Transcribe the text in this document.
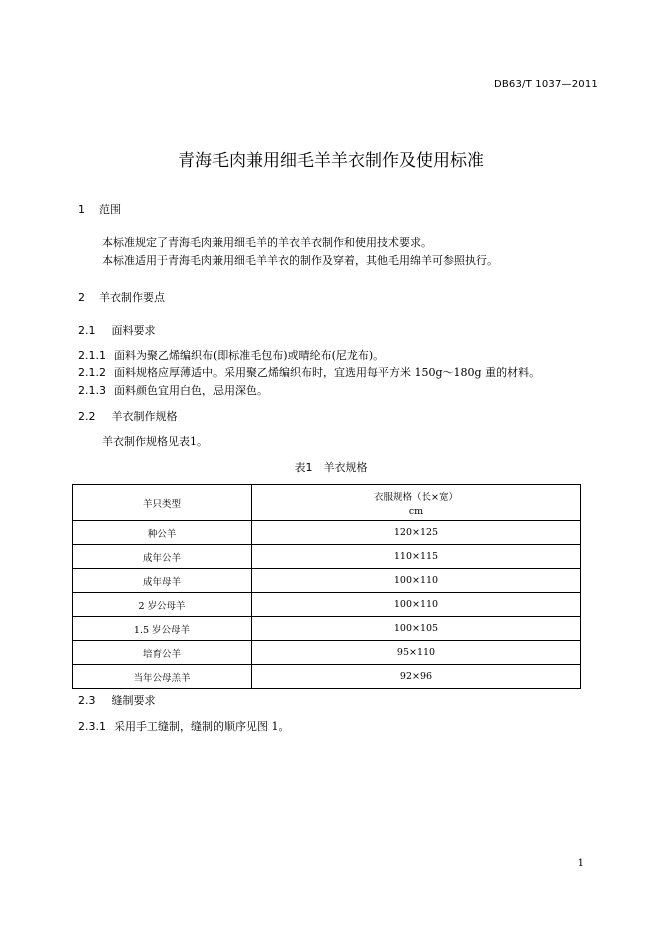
DB63/T 1037—2011
青海毛肉兼用细毛羊羊衣制作及使用标准
1 范围
本标准规定了青海毛肉兼用细毛羊的羊衣羊衣制作和使用技术要求。
本标准适用于青海毛肉兼用细毛羊羊衣的制作及穿着，其他毛用绵羊可参照执行。
2 羊衣制作要点
2.1 面料要求
2.1.1 面料为聚乙烯编织布(即标准毛包布)或晴纶布(尼龙布)。
2.1.2 面料规格应厚薄适中。采用聚乙烯编织布时，宜选用每平方米 150g～180g 重的材料。
2.1.3 面料颜色宜用白色，忌用深色。
2.2 羊衣制作规格
羊衣制作规格见表1。
表1　羊衣规格
羊只类型	衣服规格（长×宽）
cm

种公羊	120×125
成年公羊	110×115
成年母羊	100×110
2 岁公母羊	100×110
1.5 岁公母羊	100×105
培育公羊	95×110
当年公母羔羊	92×96
2.3 缝制要求
2.3.1 采用手工缝制，缝制的顺序见图 1。
1
